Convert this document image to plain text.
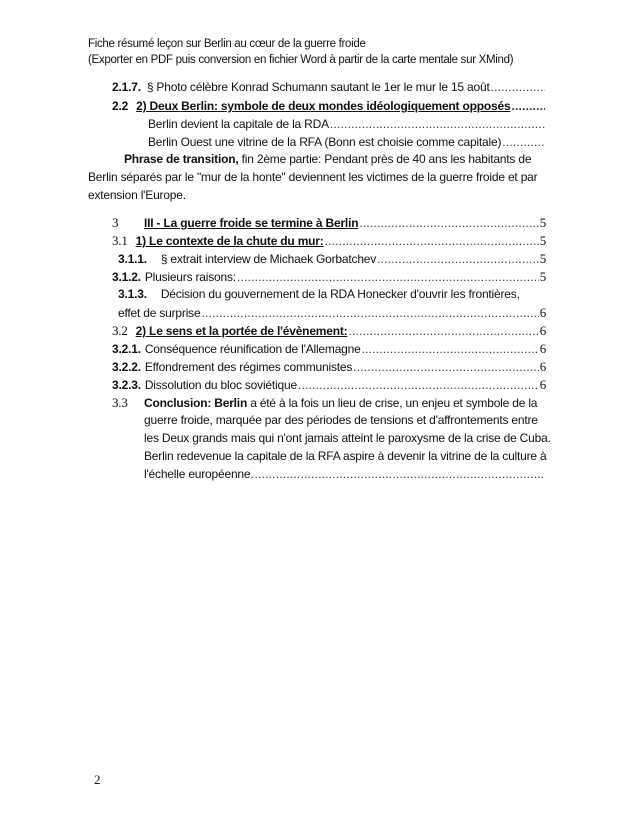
Fiche résumé leçon sur Berlin au cœur de la guerre froide
(Exporter en PDF puis conversion en fichier Word à partir de la carte mentale sur XMind)
2.1.7. § Photo célèbre Konrad Schumann sautant le 1er le mur le 15 août
.....
2.2 2) Deux Berlin: symbole de deux mondes idéologiquement opposés
.....
Berlin devient la capitale de la RDA
.....
Berlin Ouest une vitrine de la RFA (Bonn est choisie comme capitale)
.....
Phrase de transition, fin 2ème partie: Pendant près de 40 ans les habitants de
Berlin séparés par le "mur de la honte" deviennent les victimes de la guerre froide et par
extension l'Europe.
3	III - La guerre froide se termine à Berlin .....	5
3.1 1) Le contexte de la chute du mur: .....	5
3.1.1. § extrait interview de Michaek Gorbatchev .....	5
3.1.2. Plusieurs raisons: .....	5
3.1.3. Décision du gouvernement de la RDA Honecker d'ouvrir les frontières,
effet de surprise .....	6
3.2 2) Le sens et la portée de l'évènement: .....	6
3.2.1. Conséquence réunification de l'Allemagne .....	6
3.2.2. Effondrement des régimes communistes .....	6
3.2.3. Dissolution du bloc soviétique .....	6
3.3 Conclusion: Berlin a été à la fois un lieu de crise, un enjeu et symbole de la
guerre froide, marquée par des périodes de tensions et d'affrontements entre
les Deux grands mais qui n'ont jamais atteint le paroxysme de la crise de Cuba.
Berlin redevenue la capitale de la RFA aspire à devenir la vitrine de la culture à
l'échelle européenne.
.....
2
